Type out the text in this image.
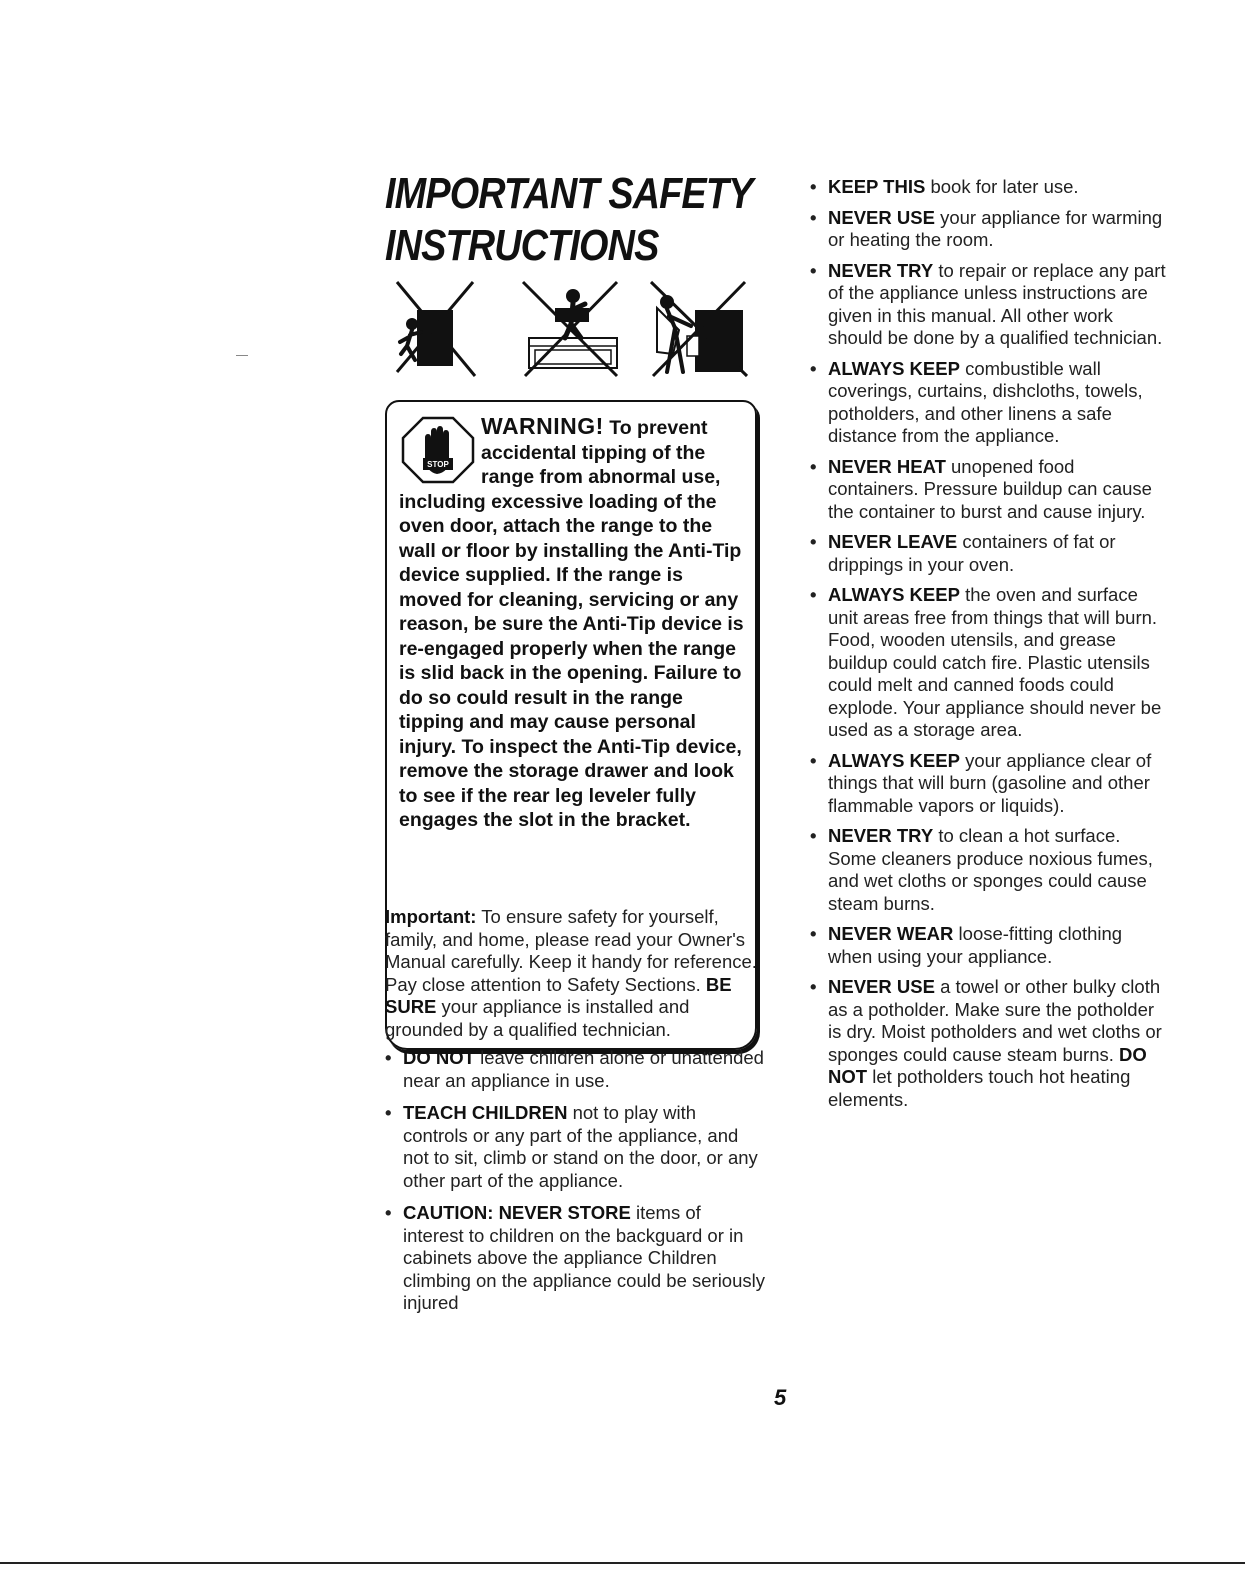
IMPORTANT SAFETY
INSTRUCTIONS
STOP
WARNING! To prevent accidental tipping of the range from abnormal use, including excessive loading of the oven door, attach the range to the wall or floor by installing the Anti-Tip device supplied. If the range is moved for cleaning, servicing or any reason, be sure the Anti-Tip device is re-engaged properly when the range is slid back in the opening. Failure to do so could result in the range tipping and may cause personal injury. To inspect the Anti-Tip device, remove the storage drawer and look to see if the rear leg leveler fully engages the slot in the bracket.
Important: To ensure safety for yourself, family, and home, please read your Owner's Manual carefully. Keep it handy for reference. Pay close attention to Safety Sections. BE SURE your appliance is installed and grounded by a qualified technician.
• DO NOT leave children alone or unattended near an appliance in use.
• TEACH CHILDREN not to play with controls or any part of the appliance, and not to sit, climb or stand on the door, or any other part of the appliance.
• CAUTION: NEVER STORE items of interest to children on the backguard or in cabinets above the appliance Children climbing on the appliance could be seriously injured
• KEEP THIS book for later use.
• NEVER USE your appliance for warming or heating the room.
• NEVER TRY to repair or replace any part of the appliance unless instructions are given in this manual. All other work should be done by a qualified technician.
• ALWAYS KEEP combustible wall coverings, curtains, dishcloths, towels, potholders, and other linens a safe distance from the appliance.
• NEVER HEAT unopened food containers. Pressure buildup can cause the container to burst and cause injury.
• NEVER LEAVE containers of fat or drippings in your oven.
• ALWAYS KEEP the oven and surface unit areas free from things that will burn. Food, wooden utensils, and grease buildup could catch fire. Plastic utensils could melt and canned foods could explode. Your appliance should never be used as a storage area.
• ALWAYS KEEP your appliance clear of things that will burn (gasoline and other flammable vapors or liquids).
• NEVER TRY to clean a hot surface. Some cleaners produce noxious fumes, and wet cloths or sponges could cause steam burns.
• NEVER WEAR loose-fitting clothing when using your appliance.
• NEVER USE a towel or other bulky cloth as a potholder. Make sure the potholder is dry. Moist potholders and wet cloths or sponges could cause steam burns. DO NOT let potholders touch hot heating elements.
5
